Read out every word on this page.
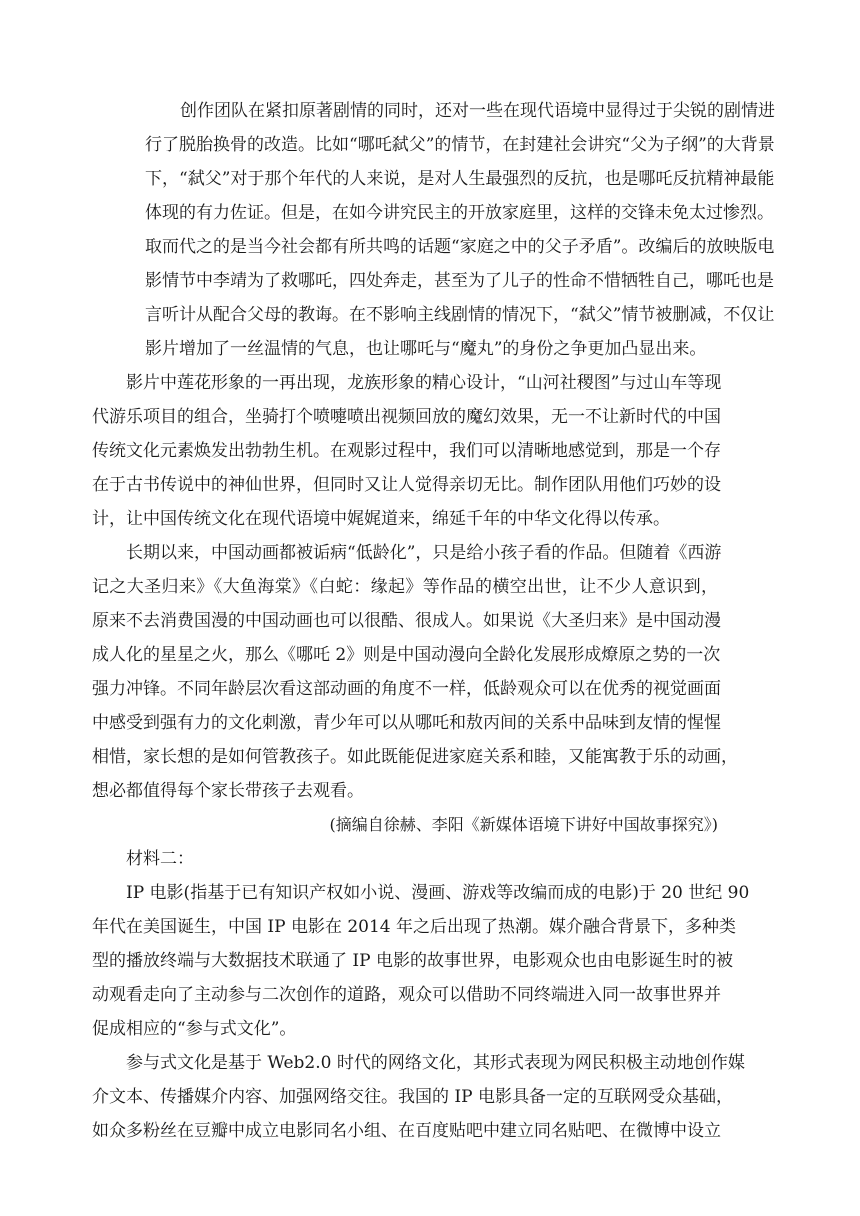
创作团队在紧扣原著剧情的同时，还对一些在现代语境中显得过于尖锐的剧情进
行了脱胎换骨的改造。比如“哪吒弑父”的情节，在封建社会讲究“父为子纲”的大背景
下，“弑父”对于那个年代的人来说，是对人生最强烈的反抗，也是哪吒反抗精神最能
体现的有力佐证。但是，在如今讲究民主的开放家庭里，这样的交锋未免太过惨烈。
取而代之的是当今社会都有所共鸣的话题“家庭之中的父子矛盾”。改编后的放映版电
影情节中李靖为了救哪吒，四处奔走，甚至为了儿子的性命不惜牺牲自己，哪吒也是
言听计从配合父母的教诲。在不影响主线剧情的情况下，“弑父”情节被删减，不仅让
影片增加了一丝温情的气息，也让哪吒与“魔丸”的身份之争更加凸显出来。
影片中莲花形象的一再出现，龙族形象的精心设计，“山河社稷图”与过山车等现
代游乐项目的组合，坐骑打个喷嚏喷出视频回放的魔幻效果，无一不让新时代的中国
传统文化元素焕发出勃勃生机。在观影过程中，我们可以清晰地感觉到，那是一个存
在于古书传说中的神仙世界，但同时又让人觉得亲切无比。制作团队用他们巧妙的设
计，让中国传统文化在现代语境中娓娓道来，绵延千年的中华文化得以传承。
长期以来，中国动画都被诟病“低龄化”，只是给小孩子看的作品。但随着《西游
记之大圣归来》《大鱼海棠》《白蛇：缘起》等作品的横空出世，让不少人意识到，
原来不去消费国漫的中国动画也可以很酷、很成人。如果说《大圣归来》是中国动漫
成人化的星星之火，那么《哪吒 2》则是中国动漫向全龄化发展形成燎原之势的一次
强力冲锋。不同年龄层次看这部动画的角度不一样，低龄观众可以在优秀的视觉画面
中感受到强有力的文化刺激，青少年可以从哪吒和敖丙间的关系中品味到友情的惺惺
相惜，家长想的是如何管教孩子。如此既能促进家庭关系和睦，又能寓教于乐的动画，
想必都值得每个家长带孩子去观看。
(摘编自徐赫、李阳《新媒体语境下讲好中国故事探究》)
材料二：
IP 电影(指基于已有知识产权如小说、漫画、游戏等改编而成的电影)于 20 世纪 90
年代在美国诞生，中国 IP 电影在 2014 年之后出现了热潮。媒介融合背景下，多种类
型的播放终端与大数据技术联通了 IP 电影的故事世界，电影观众也由电影诞生时的被
动观看走向了主动参与二次创作的道路，观众可以借助不同终端进入同一故事世界并
促成相应的“参与式文化”。
参与式文化是基于 Web2.0 时代的网络文化，其形式表现为网民积极主动地创作媒
介文本、传播媒介内容、加强网络交往。我国的 IP 电影具备一定的互联网受众基础，
如众多粉丝在豆瓣中成立电影同名小组、在百度贴吧中建立同名贴吧、在微博中设立
